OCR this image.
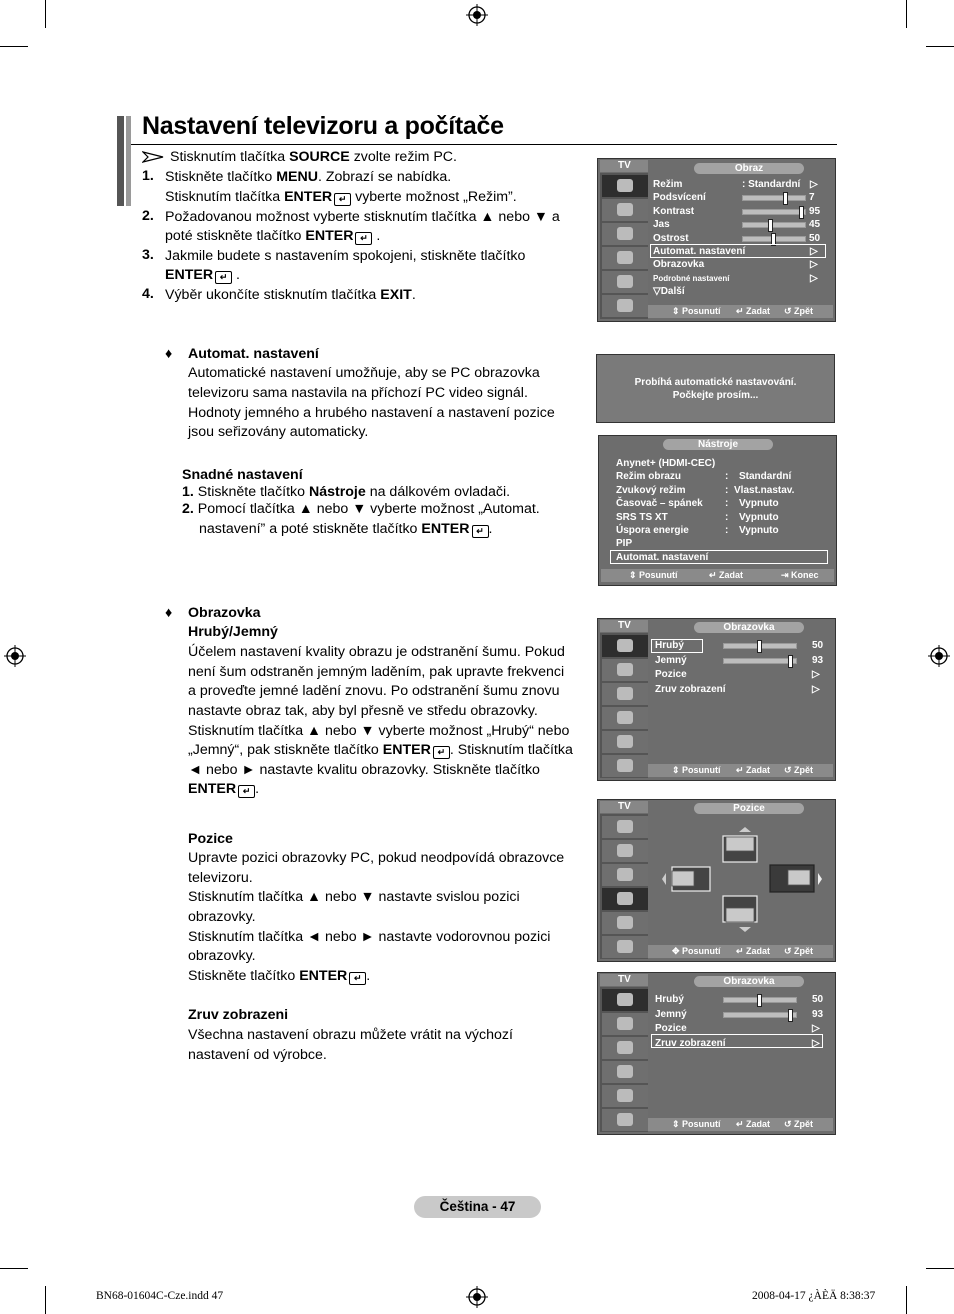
Nastavení televizoru a počítače
Stisknutím tlačítka SOURCE zvolte režim PC.
1. Stiskněte tlačítko MENU. Zobrazí se nabídka.
Stisknutím tlačítka ENTER ↵ vyberte možnost „Režim”.
2. Požadovanou možnost vyberte stisknutím tlačítka ▲ nebo ▼ a
poté stiskněte tlačítko ENTER ↵ .
3. Jakmile budete s nastavením spokojeni, stiskněte tlačítko
ENTER ↵ .
4. Výběr ukončíte stisknutím tlačítka EXIT.
♦ Automat. nastavení
Automatické nastavení umožňuje, aby se PC obrazovka
televizoru sama nastavila na příchozí PC video signál.
Hodnoty jemného a hrubého nastavení a nastavení pozice
jsou seřizovány automaticky.
Snadné nastavení
1. Stiskněte tlačítko Nástroje na dálkovém ovladači.
2. Pomocí tlačítka ▲ nebo ▼ vyberte možnost „Automat.
nastavení” a poté stiskněte tlačítko ENTER ↵ .
♦ Obrazovka
Hrubý/Jemný
Účelem nastavení kvality obrazu je odstranění šumu. Pokud
není šum odstraněn jemným laděním, pak upravte frekvenci
a proveďte jemné ladění znovu. Po odstranění šumu znovu
nastavte obraz tak, aby byl přesně ve středu obrazovky.
Stisknutím tlačítka ▲ nebo ▼ vyberte možnost „Hrubý“ nebo
„Jemný“, pak stiskněte tlačítko ENTER ↵ . Stisknutím tlačítka
◄ nebo ► nastavte kvalitu obrazovky. Stiskněte tlačítko
ENTER ↵ .
Pozice
Upravte pozici obrazovky PC, pokud neodpovídá obrazovce
televizoru.
Stisknutím tlačítka ▲ nebo ▼ nastavte svislou pozici
obrazovky.
Stisknutím tlačítka ◄ nebo ► nastavte vodorovnou pozici
obrazovky.
Stiskněte tlačítko ENTER ↵ .
Zruv zobrazeni
Všechna nastavení obrazu můžete vrátit na výchozí
nastavení od výrobce.
TV	Obraz
Režim	: Standardní ▷
Podsvícení	7
Kontrast	95
Jas	45
Ostrost	50
Automat. nastavení	▷
Obrazovka	▷
Podrobné nastavení	▷
▽Další
⇕ Posunutí ↵ Zadat ↺ Zpět
Probíhá automatické nastavování.
Počkejte prosím...
Nástroje
Anynet+ (HDMI-CEC)
Režim obrazu	: Standardní
Zvukový režim	: Vlast.nastav.
Časovač – spánek : Vypnuto
SRS TS XT	: Vypnuto
Úspora energie	: Vypnuto
PIP
Automat. nastavení
⇕ Posunutí	↵ Zadat	⇥ Konec
TV	Obrazovka
Hrubý	50
Jemný	93
Pozice	▷
Zruv zobrazení	▷
⇕ Posunutí ↵ Zadat ↺ Zpět
TV	Pozice
✥ Posunutí ↵ Zadat ↺ Zpět
TV	Obrazovka
Hrubý	50
Jemný	93
Pozice	▷
Zruv zobrazení	▷
⇕ Posunutí ↵ Zadat ↺ Zpět
Čeština - 47
BN68-01604C-Cze.indd 47	2008-04-17 ¿ÀÈÄ 8:38:37
